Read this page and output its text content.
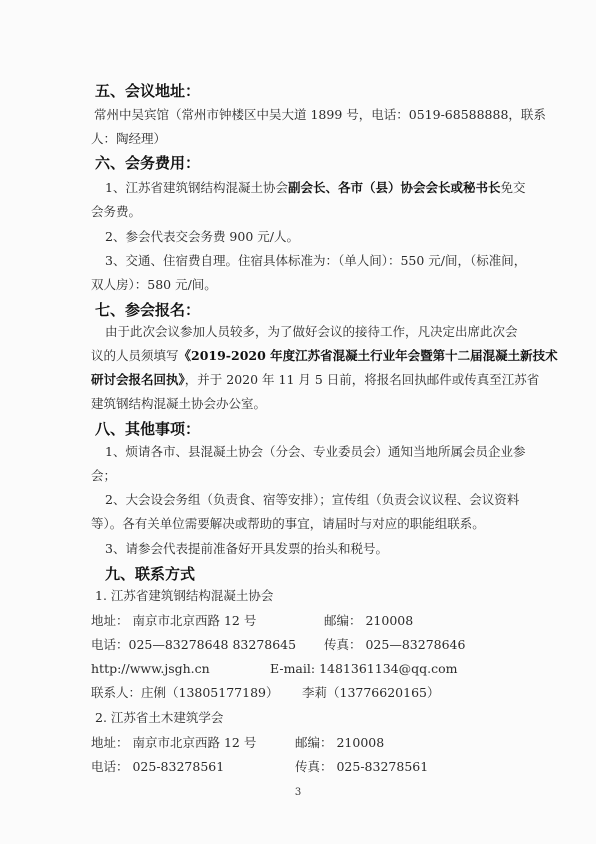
五、会议地址：
常州中吴宾馆（常州市钟楼区中吴大道 1899 号，电话：0519-68588888，联系
人：陶经理）
六、会务费用：
1、江苏省建筑钢结构混凝土协会副会长、各市（县）协会会长或秘书长免交
会务费。
2、参会代表交会务费 900 元/人。
3、交通、住宿费自理。住宿具体标准为：（单人间）：550 元/间，（标准间，
双人房）：580 元/间。
七、参会报名：
由于此次会议参加人员较多，为了做好会议的接待工作，凡决定出席此次会
议的人员须填写《2019-2020 年度江苏省混凝土行业年会暨第十二届混凝土新技术
研讨会报名回执》，并于 2020 年 11 月 5 日前，将报名回执邮件或传真至江苏省
建筑钢结构混凝土协会办公室。
八、其他事项：
1、烦请各市、县混凝土协会（分会、专业委员会）通知当地所属会员企业参
会；
2、大会设会务组（负责食、宿等安排）；宣传组（负责会议议程、会议资料
等）。各有关单位需要解决或帮助的事宜，请届时与对应的职能组联系。
3、请参会代表提前准备好开具发票的抬头和税号。
九、联系方式
1. 江苏省建筑钢结构混凝土协会
地址： 南京市北京西路 12 号	邮编： 210008
电话：025—83278648 83278645 传真： 025—83278646
http://www.jsgh.cn	E-mail: 1481361134@qq.com
联系人：庄俐（13805177189） 李莉（13776620165）
2. 江苏省土木建筑学会
地址： 南京市北京西路 12 号	邮编： 210008
电话： 025-83278561	传真： 025-83278561
3
